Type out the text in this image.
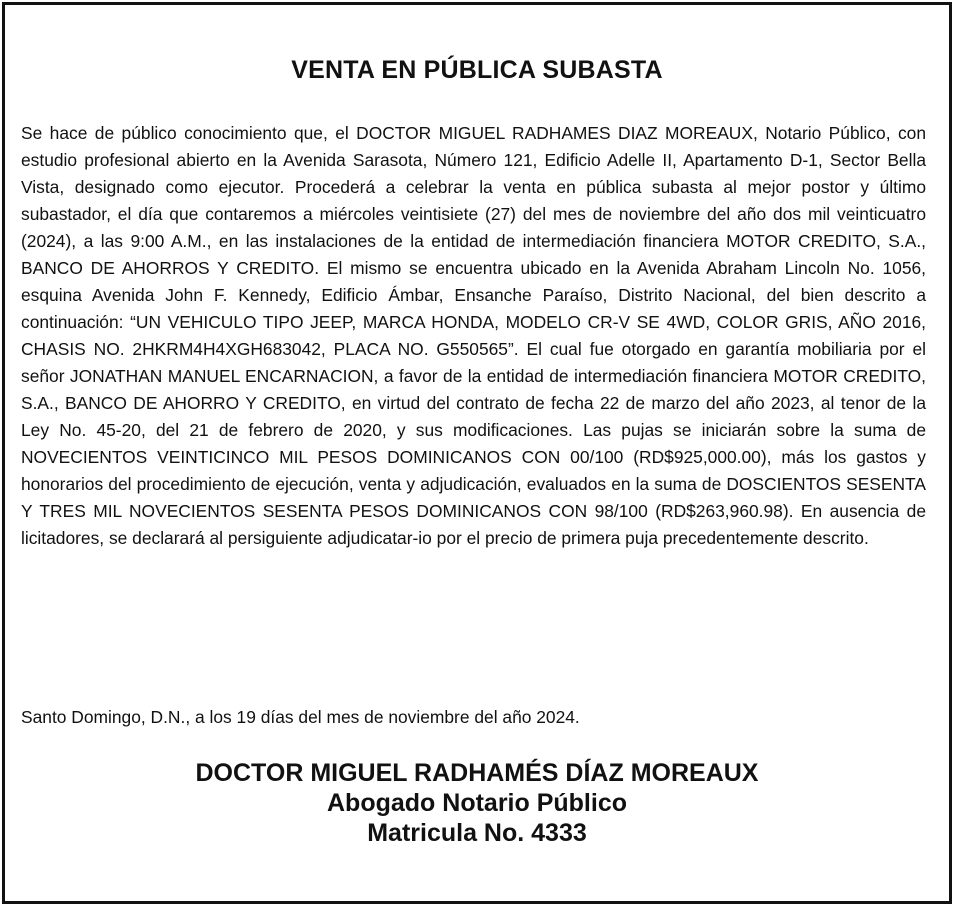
VENTA EN PÚBLICA SUBASTA
Se hace de público conocimiento que, el DOCTOR MIGUEL RADHAMES DIAZ MOREAUX, Notario Público, con estudio profesional abierto en la Avenida Sarasota, Número 121, Edificio Adelle II, Apartamento D-1, Sector Bella Vista, designado como ejecutor. Procederá a celebrar la venta en pública subasta al mejor postor y último subastador, el día que contaremos a miércoles veintisiete (27) del mes de noviembre del año dos mil veinticuatro (2024), a las 9:00 A.M., en las instalaciones de la entidad de intermediación financiera MOTOR CREDITO, S.A., BANCO DE AHORROS Y CREDITO. El mismo se encuentra ubicado en la Avenida Abraham Lincoln No. 1056, esquina Avenida John F. Kennedy, Edificio Ámbar, Ensanche Paraíso, Distrito Nacional, del bien descrito a continuación: “UN VEHICULO TIPO JEEP, MARCA HONDA, MODELO CR-V SE 4WD, COLOR GRIS, AÑO 2016, CHASIS NO. 2HKRM4H4XGH683042, PLACA NO. G550565”. El cual fue otorgado en garantía mobiliaria por el señor JONATHAN MANUEL ENCARNACION, a favor de la entidad de intermediación financiera MOTOR CREDITO, S.A., BANCO DE AHORRO Y CREDITO, en virtud del contrato de fecha 22 de marzo del año 2023, al tenor de la Ley No. 45-20, del 21 de febrero de 2020, y sus modificaciones. Las pujas se iniciarán sobre la suma de NOVECIENTOS VEINTICINCO MIL PESOS DOMINICANOS CON 00/100 (RD$925,000.00), más los gastos y honorarios del procedimiento de ejecución, venta y adjudicación, evaluados en la suma de DOSCIENTOS SESENTA Y TRES MIL NOVECIENTOS SESENTA PESOS DOMINICANOS CON 98/100 (RD$263,960.98). En ausencia de licitadores, se declarará al persiguiente adjudicatar-io por el precio de primera puja precedentemente descrito.
Santo Domingo, D.N., a los 19 días del mes de noviembre del año 2024.
DOCTOR MIGUEL RADHAMÉS DÍAZ MOREAUX
Abogado Notario Público
Matricula No. 4333
